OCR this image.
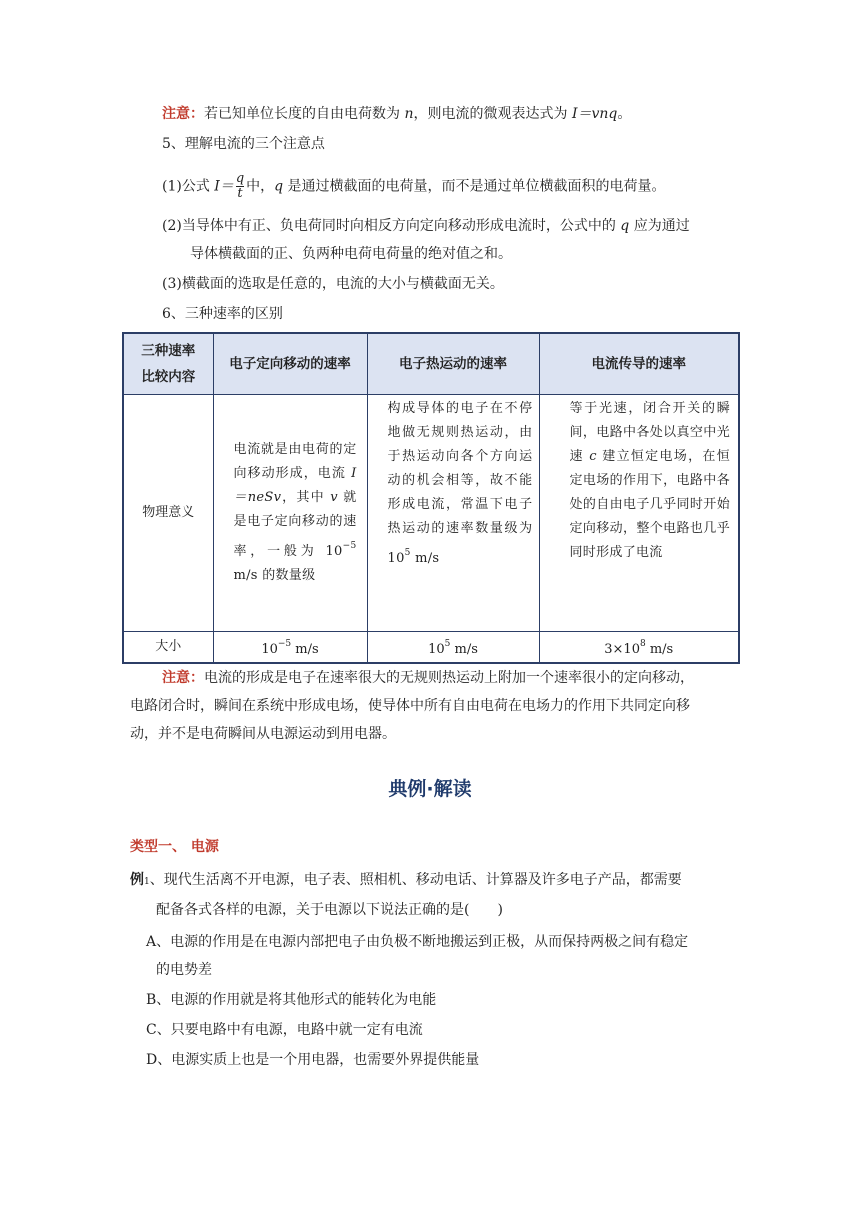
注意：若已知单位长度的自由电荷数为 n，则电流的微观表达式为 I＝vnq。
5、理解电流的三个注意点
(1)公式 $I= \frac{q}{t}$ 中，q 是通过横截面的电荷量，而不是通过单位横截面积的电荷量。
(2)当导体中有正、负电荷同时向相反方向定向移动形成电流时，公式中的 q 应为通过
导体横截面的正、负两种电荷电荷量的绝对值之和。
(3)横截面的选取是任意的，电流的大小与横截面无关。
6、三种速率的区别
三种速率
比较内容	电子定向移动的速率	电子热运动的速率	电流传导的速率
物理意义	电流就是由电荷的定向移动形成，电流 I＝neSv，其中 v 就是电子定向移动的速率，一般为 $10^{-5}$ m/s 的数量级	构成导体的电子在不停地做无规则热运动，由于热运动向各个方向运动的机会相等，故不能形成电流，常温下电子热运动的速率数量级为 $10^5$ m/s	等于光速，闭合开关的瞬间，电路中各处以真空中光速 c 建立恒定电场，在恒定电场的作用下，电路中各处的自由电子几乎同时开始定向移动，整个电路也几乎同时形成了电流
大小	$10^{-5}$ m/s	$10^5$ m/s	$3\times 10^8$ m/s
注意：电流的形成是电子在速率很大的无规则热运动上附加一个速率很小的定向移动，
电路闭合时，瞬间在系统中形成电场，使导体中所有自由电荷在电场力的作用下共同定向移
动，并不是电荷瞬间从电源运动到用电器。
典例·解读
类型一、 电源
例1、现代生活离不开电源，电子表、照相机、移动电话、计算器及许多电子产品，都需要
配备各式各样的电源，关于电源以下说法正确的是(　　)
A、电源的作用是在电源内部把电子由负极不断地搬运到正极，从而保持两极之间有稳定
的电势差
B、电源的作用就是将其他形式的能转化为电能
C、只要电路中有电源，电路中就一定有电流
D、电源实质上也是一个用电器，也需要外界提供能量
